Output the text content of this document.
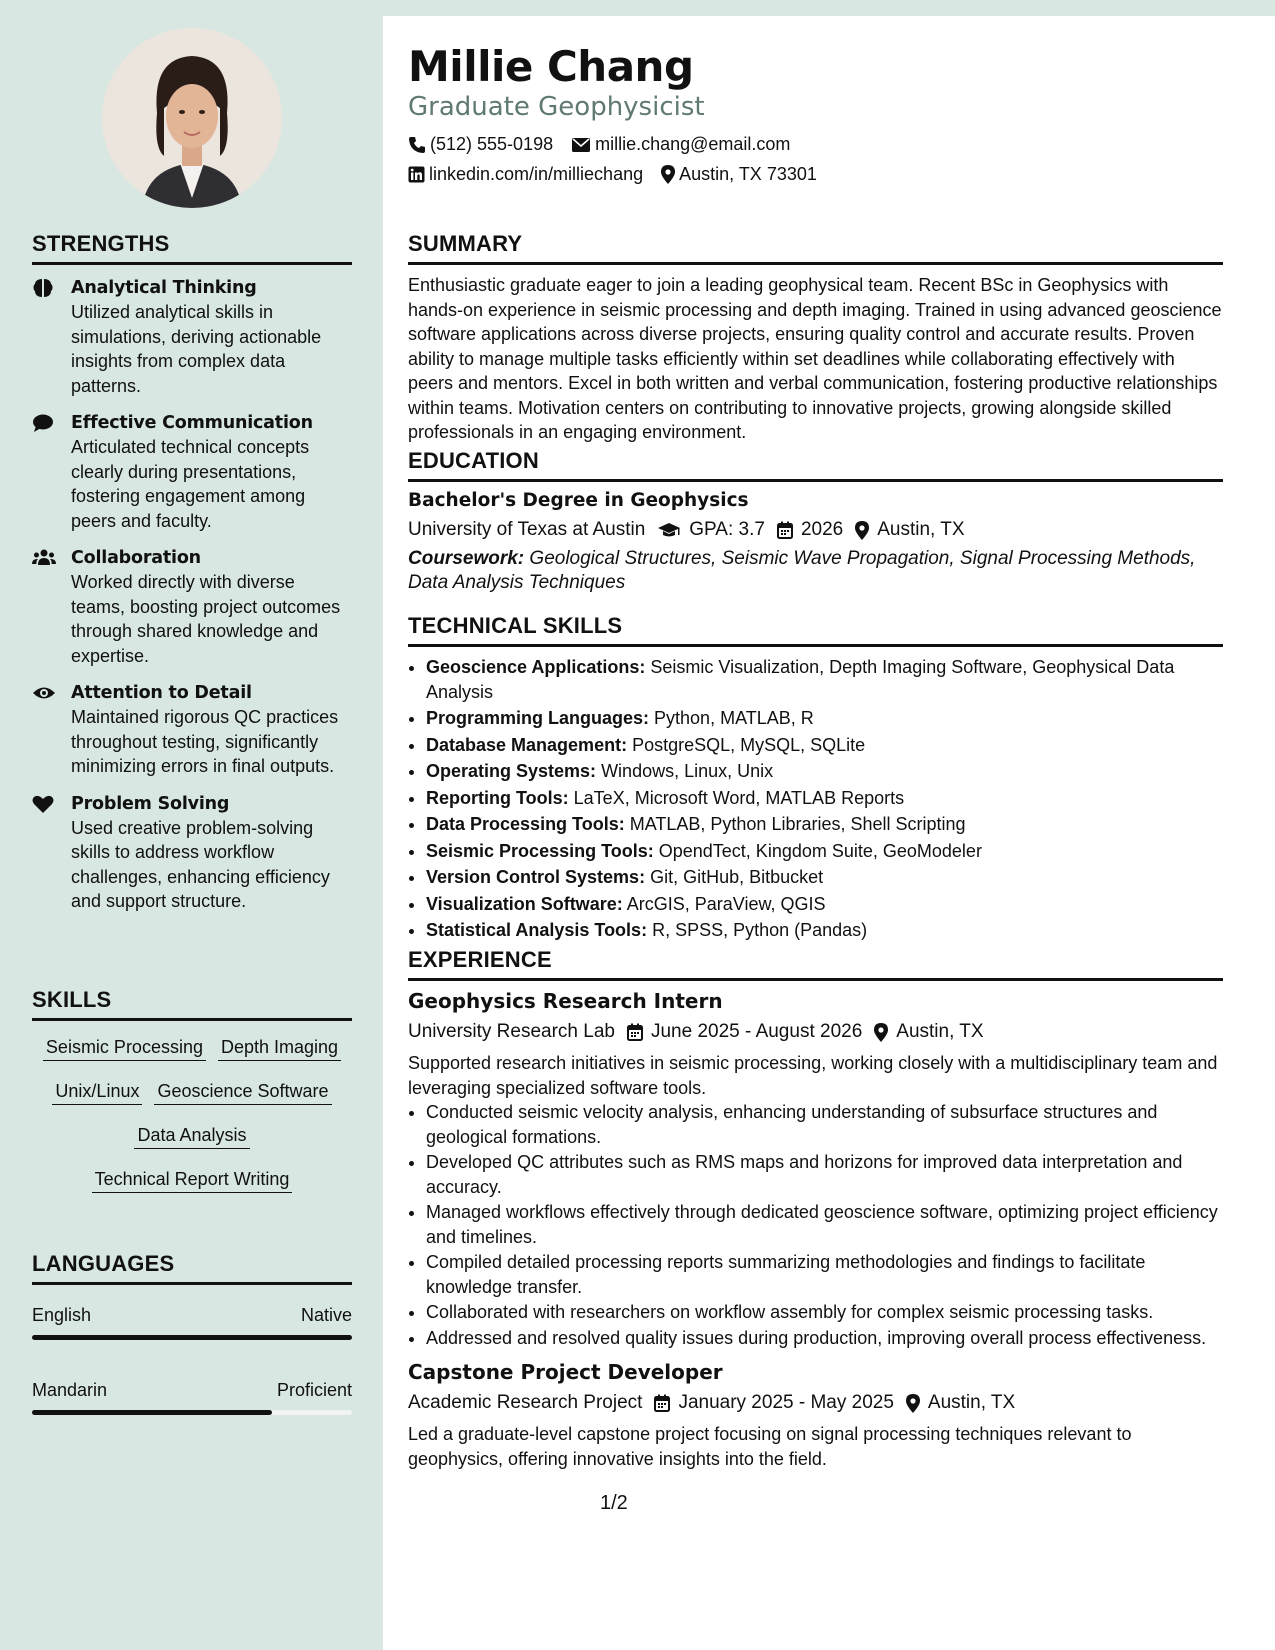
STRENGTHS
Analytical Thinking
Utilized analytical skills in simulations, deriving actionable insights from complex data patterns.
Effective Communication
Articulated technical concepts clearly during presentations, fostering engagement among peers and faculty.
Collaboration
Worked directly with diverse teams, boosting project outcomes through shared knowledge and expertise.
Attention to Detail
Maintained rigorous QC practices throughout testing, significantly minimizing errors in final outputs.
Problem Solving
Used creative problem-solving skills to address workflow challenges, enhancing efficiency and support structure.
SKILLS
Seismic Processing Depth Imaging
Unix/Linux Geoscience Software
Data Analysis
Technical Report Writing
LANGUAGES
English	Native
Mandarin	Proficient
Millie Chang
Graduate Geophysicist
(512) 555-0198 millie.chang@email.com
linkedin.com/in/milliechang Austin, TX 73301
SUMMARY

Enthusiastic graduate eager to join a leading geophysical team. Recent BSc in Geophysics with hands-on experience in seismic processing and depth imaging. Trained in using advanced geoscience software applications across diverse projects, ensuring quality control and accurate results. Proven ability to manage multiple tasks efficiently within set deadlines while collaborating effectively with peers and mentors. Excel in both written and verbal communication, fostering productive relationships within teams. Motivation centers on contributing to innovative projects, growing alongside skilled professionals in an engaging environment.

EDUCATION
Bachelor's Degree in Geophysics
University of Texas at Austin GPA: 3.7 2026 Austin, TX
Coursework: Geological Structures, Seismic Wave Propagation, Signal Processing Methods, Data Analysis Techniques
TECHNICAL SKILLS
• Geoscience Applications: Seismic Visualization, Depth Imaging Software, Geophysical Data Analysis
• Programming Languages: Python, MATLAB, R
• Database Management: PostgreSQL, MySQL, SQLite
• Operating Systems: Windows, Linux, Unix
• Reporting Tools: LaTeX, Microsoft Word, MATLAB Reports
• Data Processing Tools: MATLAB, Python Libraries, Shell Scripting
• Seismic Processing Tools: OpendTect, Kingdom Suite, GeoModeler
• Version Control Systems: Git, GitHub, Bitbucket
• Visualization Software: ArcGIS, ParaView, QGIS
• Statistical Analysis Tools: R, SPSS, Python (Pandas)
EXPERIENCE
Geophysics Research Intern
University Research Lab June 2025 - August 2026 Austin, TX

Supported research initiatives in seismic processing, working closely with a multidisciplinary team and leveraging specialized software tools.

• Conducted seismic velocity analysis, enhancing understanding of subsurface structures and geological formations.
• Developed QC attributes such as RMS maps and horizons for improved data interpretation and accuracy.
• Managed workflows effectively through dedicated geoscience software, optimizing project efficiency and timelines.
• Compiled detailed processing reports summarizing methodologies and findings to facilitate knowledge transfer.
• Collaborated with researchers on workflow assembly for complex seismic processing tasks.
• Addressed and resolved quality issues during production, improving overall process effectiveness.
Capstone Project Developer
Academic Research Project January 2025 - May 2025 Austin, TX

Led a graduate-level capstone project focusing on signal processing techniques relevant to geophysics, offering innovative insights into the field.

1/2
